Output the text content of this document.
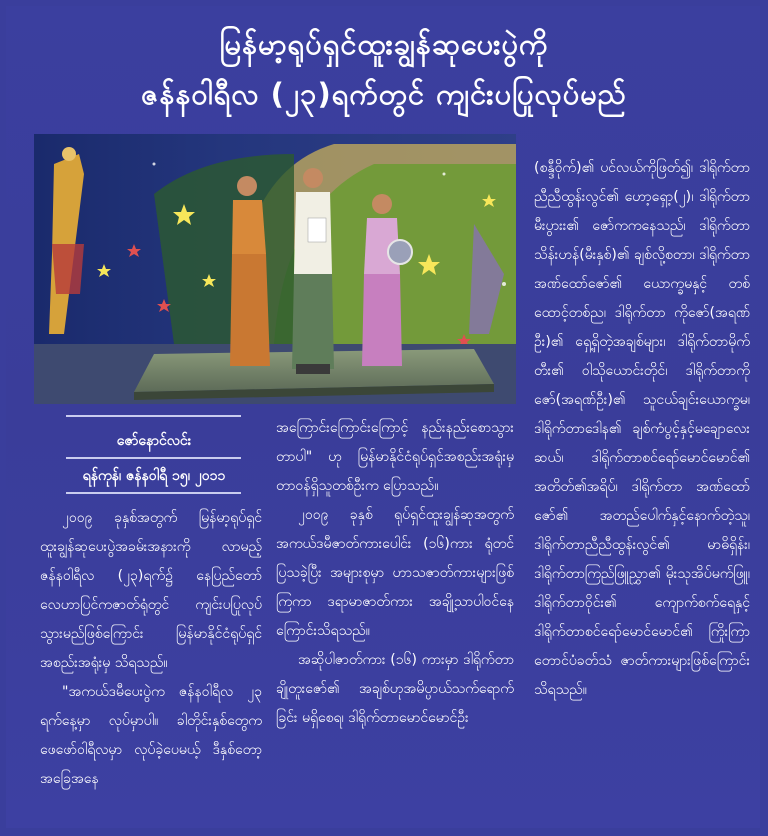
မြန်မာ့ရုပ်ရှင်ထူးချွန်ဆုပေးပွဲကို
ဇန်နဝါရီလ (၂၃)ရက်တွင် ကျင်းပပြုလုပ်မည်
ဇော်နောင်လင်း
ရန်ကုန်၊ ဇန်နဝါရီ ၁၅၊ ၂၀၁၁

၂၀၀၉ ခုနှစ်အတွက် မြန်မာ့ရုပ်ရှင်ထူးချွန်ဆုပေးပွဲအခမ်းအနားကို လာမည့်ဇန်နဝါရီလ (၂၃)ရက်၌ နေပြည်တော်လေဟာပြင်ကဇာတ်ရုံတွင် ကျင်းပပြုလုပ်သွားမည်ဖြစ်ကြောင်း မြန်မာနိုင်ငံရုပ်ရှင်အစည်းအရုံးမှ သိရသည်။

"အကယ်ဒမီပေးပွဲက ဇန်နဝါရီလ ၂၃ ရက်နေ့မှာ လုပ်မှာပါ။ ခါတိုင်းနှစ်တွေက ဖေဖော်ဝါရီလမှာ လုပ်ခဲ့ပေမယ့် ဒီနှစ်တော့ အခြေအနေ

အကြောင်းကြောင်းကြောင့် နည်းနည်းစောသွားတာပါ" ဟု မြန်မာနိုင်ငံရုပ်ရှင်အစည်းအရုံးမှ တာဝန်ရှိသူတစ်ဦးက ပြောသည်။

၂၀၀၉ ခုနှစ် ရုပ်ရှင်ထူးချွန်ဆုအတွက် အကယ်ဒမီဇာတ်ကားပေါင်း (၁၆)ကား ရုံတင်ပြသခဲ့ပြီး အများစုမှာ ဟာသဇာတ်ကားများဖြစ်ကြကာ ဒရာမာဇာတ်ကား အချို့သာပါဝင်နေကြောင်းသိရသည်။

အဆိုပါဇာတ်ကား (၁၆) ကားမှာ ဒါရိုက်တာချိုတူးဇော်၏ အချစ်ဟုအမိပ္ပာယ်သက်ရောက်ခြင်း မရှိစေရ၊ ဒါရိုက်တာမောင်မောင်ဦး

(စန္ဒီဝိုက်)၏ ပင်လယ်ကိုဖြတ်၍၊ ဒါရိုက်တာညီညီထွန်းလွင်၏ ဟော့ရှော့(၂)၊ ဒါရိုက်တာမီးပွားး၏ ဇော်ကကနေသည်၊ ဒါရိုက်တာသိန်းဟန်(မီးနှစ်)၏ ချစ်လို့စတာ၊ ဒါရိုက်တာအဏ်ထော်ဇော်၏ ယောက္ခမနှင့် တစ်ထောင့်တစ်ည၊ ဒါရိုက်တာ ကိုဇော်(အရဏ်ဦး)၏ ရှေ့ရှိတဲ့အချစ်များ၊ ဒါရိုက်တာမိုက်တီး၏ ဝါသိုယောင်းတိုင်၊ ဒါရိုက်တာကိုဇော်(အရဏ်ဦး)၏ သူငယ်ချင်းယောက္ခမ၊ ဒါရိုက်တာဒေါန၏ ချစ်ကံပွင့်နှင့်မချောလေးဆယ်၊ ဒါရိုက်တာစင်ရော်မောင်မောင်၏ အတိတ်၏အရိပ်၊ ဒါရိုက်တာ အဏ်ထော်ဇော်၏ အတည်ပေါက်နှင့်နောက်တဲ့သူ၊ ဒါရိုက်တာညီညီထွန်းလွင်၏ မာဓိရှိန်း၊ ဒါရိုက်တာကြည်ဖြူညွှာ၏ မိုးသုအိပ်မက်ဖြူ၊ ဒါရိုက်တာဝိုင်း၏ ကျောက်စက်ရေနှင့် ဒါရိုက်တာစင်ရော်မောင်မောင်၏ ကြိုးကြာတောင်ပံခတ်သံ ဇာတ်ကားများဖြစ်ကြောင်းသိရသည်။
